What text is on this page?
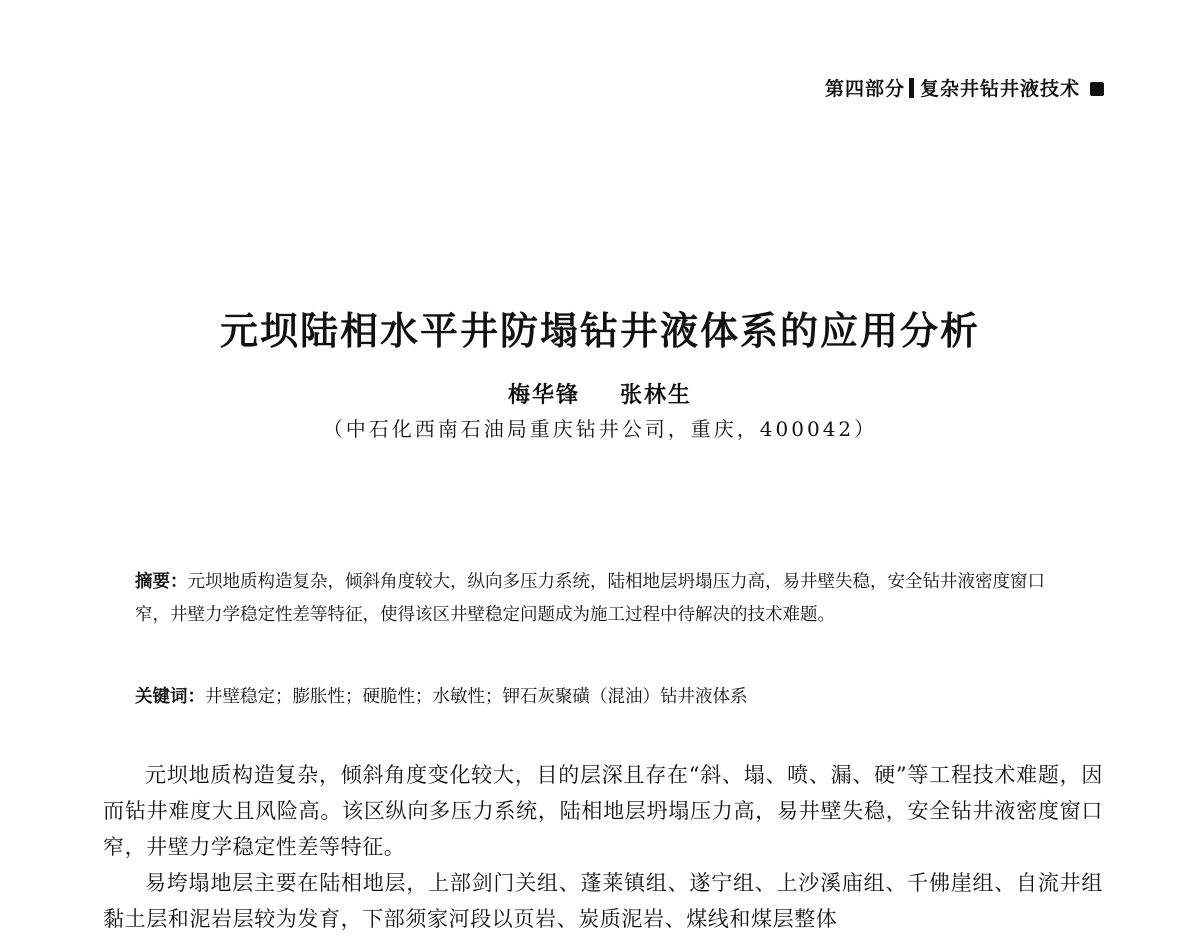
第四部分 复杂井钻井液技术
元坝陆相水平井防塌钻井液体系的应用分析
梅华锋 张林生
（中石化西南石油局重庆钻井公司，重庆，400042）

摘要：元坝地质构造复杂，倾斜角度较大，纵向多压力系统，陆相地层坍塌压力高，易井壁失稳，安全钻井液密度窗口窄，井壁力学稳定性差等特征，使得该区井壁稳定问题成为施工过程中待解决的技术难题。

关键词：井壁稳定；膨胀性；硬脆性；水敏性；钾石灰聚磺（混油）钻井液体系

元坝地质构造复杂，倾斜角度变化较大，目的层深且存在“斜、塌、喷、漏、硬”等工程技术难题，因而钻井难度大且风险高。该区纵向多压力系统，陆相地层坍塌压力高，易井壁失稳，安全钻井液密度窗口窄，井壁力学稳定性差等特征。

易垮塌地层主要在陆相地层，上部剑门关组、蓬莱镇组、遂宁组、上沙溪庙组、千佛崖组、自流井组黏土层和泥岩层较为发育，下部须家河段以页岩、炭质泥岩、煤线和煤层整体
